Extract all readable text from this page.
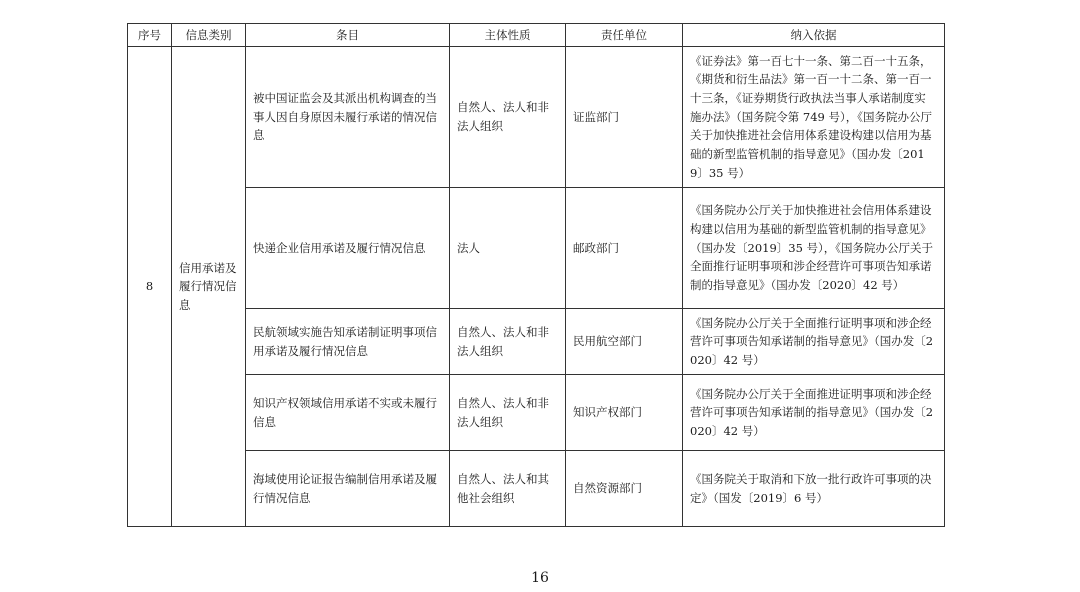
序号	信息类别	条目	主体性质	责任单位	纳入依据
8	信用承诺及履行情况信息	被中国证监会及其派出机构调查的当事人因自身原因未履行承诺的情况信息	自然人、法人和非法人组织	证监部门	《证券法》第一百七十一条、第二百一十五条，《期货和衍生品法》第一百一十二条、第一百一十三条，《证券期货行政执法当事人承诺制度实施办法》（国务院令第 749 号），《国务院办公厅关于加快推进社会信用体系建设构建以信用为基础的新型监管机制的指导意见》（国办发〔2019〕35 号）
		快递企业信用承诺及履行情况信息	法人	邮政部门	《国务院办公厅关于加快推进社会信用体系建设构建以信用为基础的新型监管机制的指导意见》（国办发〔2019〕35 号），《国务院办公厅关于全面推行证明事项和涉企经营许可事项告知承诺制的指导意见》（国办发〔2020〕42 号）
		民航领域实施告知承诺制证明事项信用承诺及履行情况信息	自然人、法人和非法人组织	民用航空部门	《国务院办公厅关于全面推行证明事项和涉企经营许可事项告知承诺制的指导意见》（国办发〔2020〕42 号）
		知识产权领域信用承诺不实或未履行信息	自然人、法人和非法人组织	知识产权部门	《国务院办公厅关于全面推进证明事项和涉企经营许可事项告知承诺制的指导意见》（国办发〔2020〕42 号）
		海域使用论证报告编制信用承诺及履行情况信息	自然人、法人和其他社会组织	自然资源部门	《国务院关于取消和下放一批行政许可事项的决定》（国发〔2019〕6 号）
16
